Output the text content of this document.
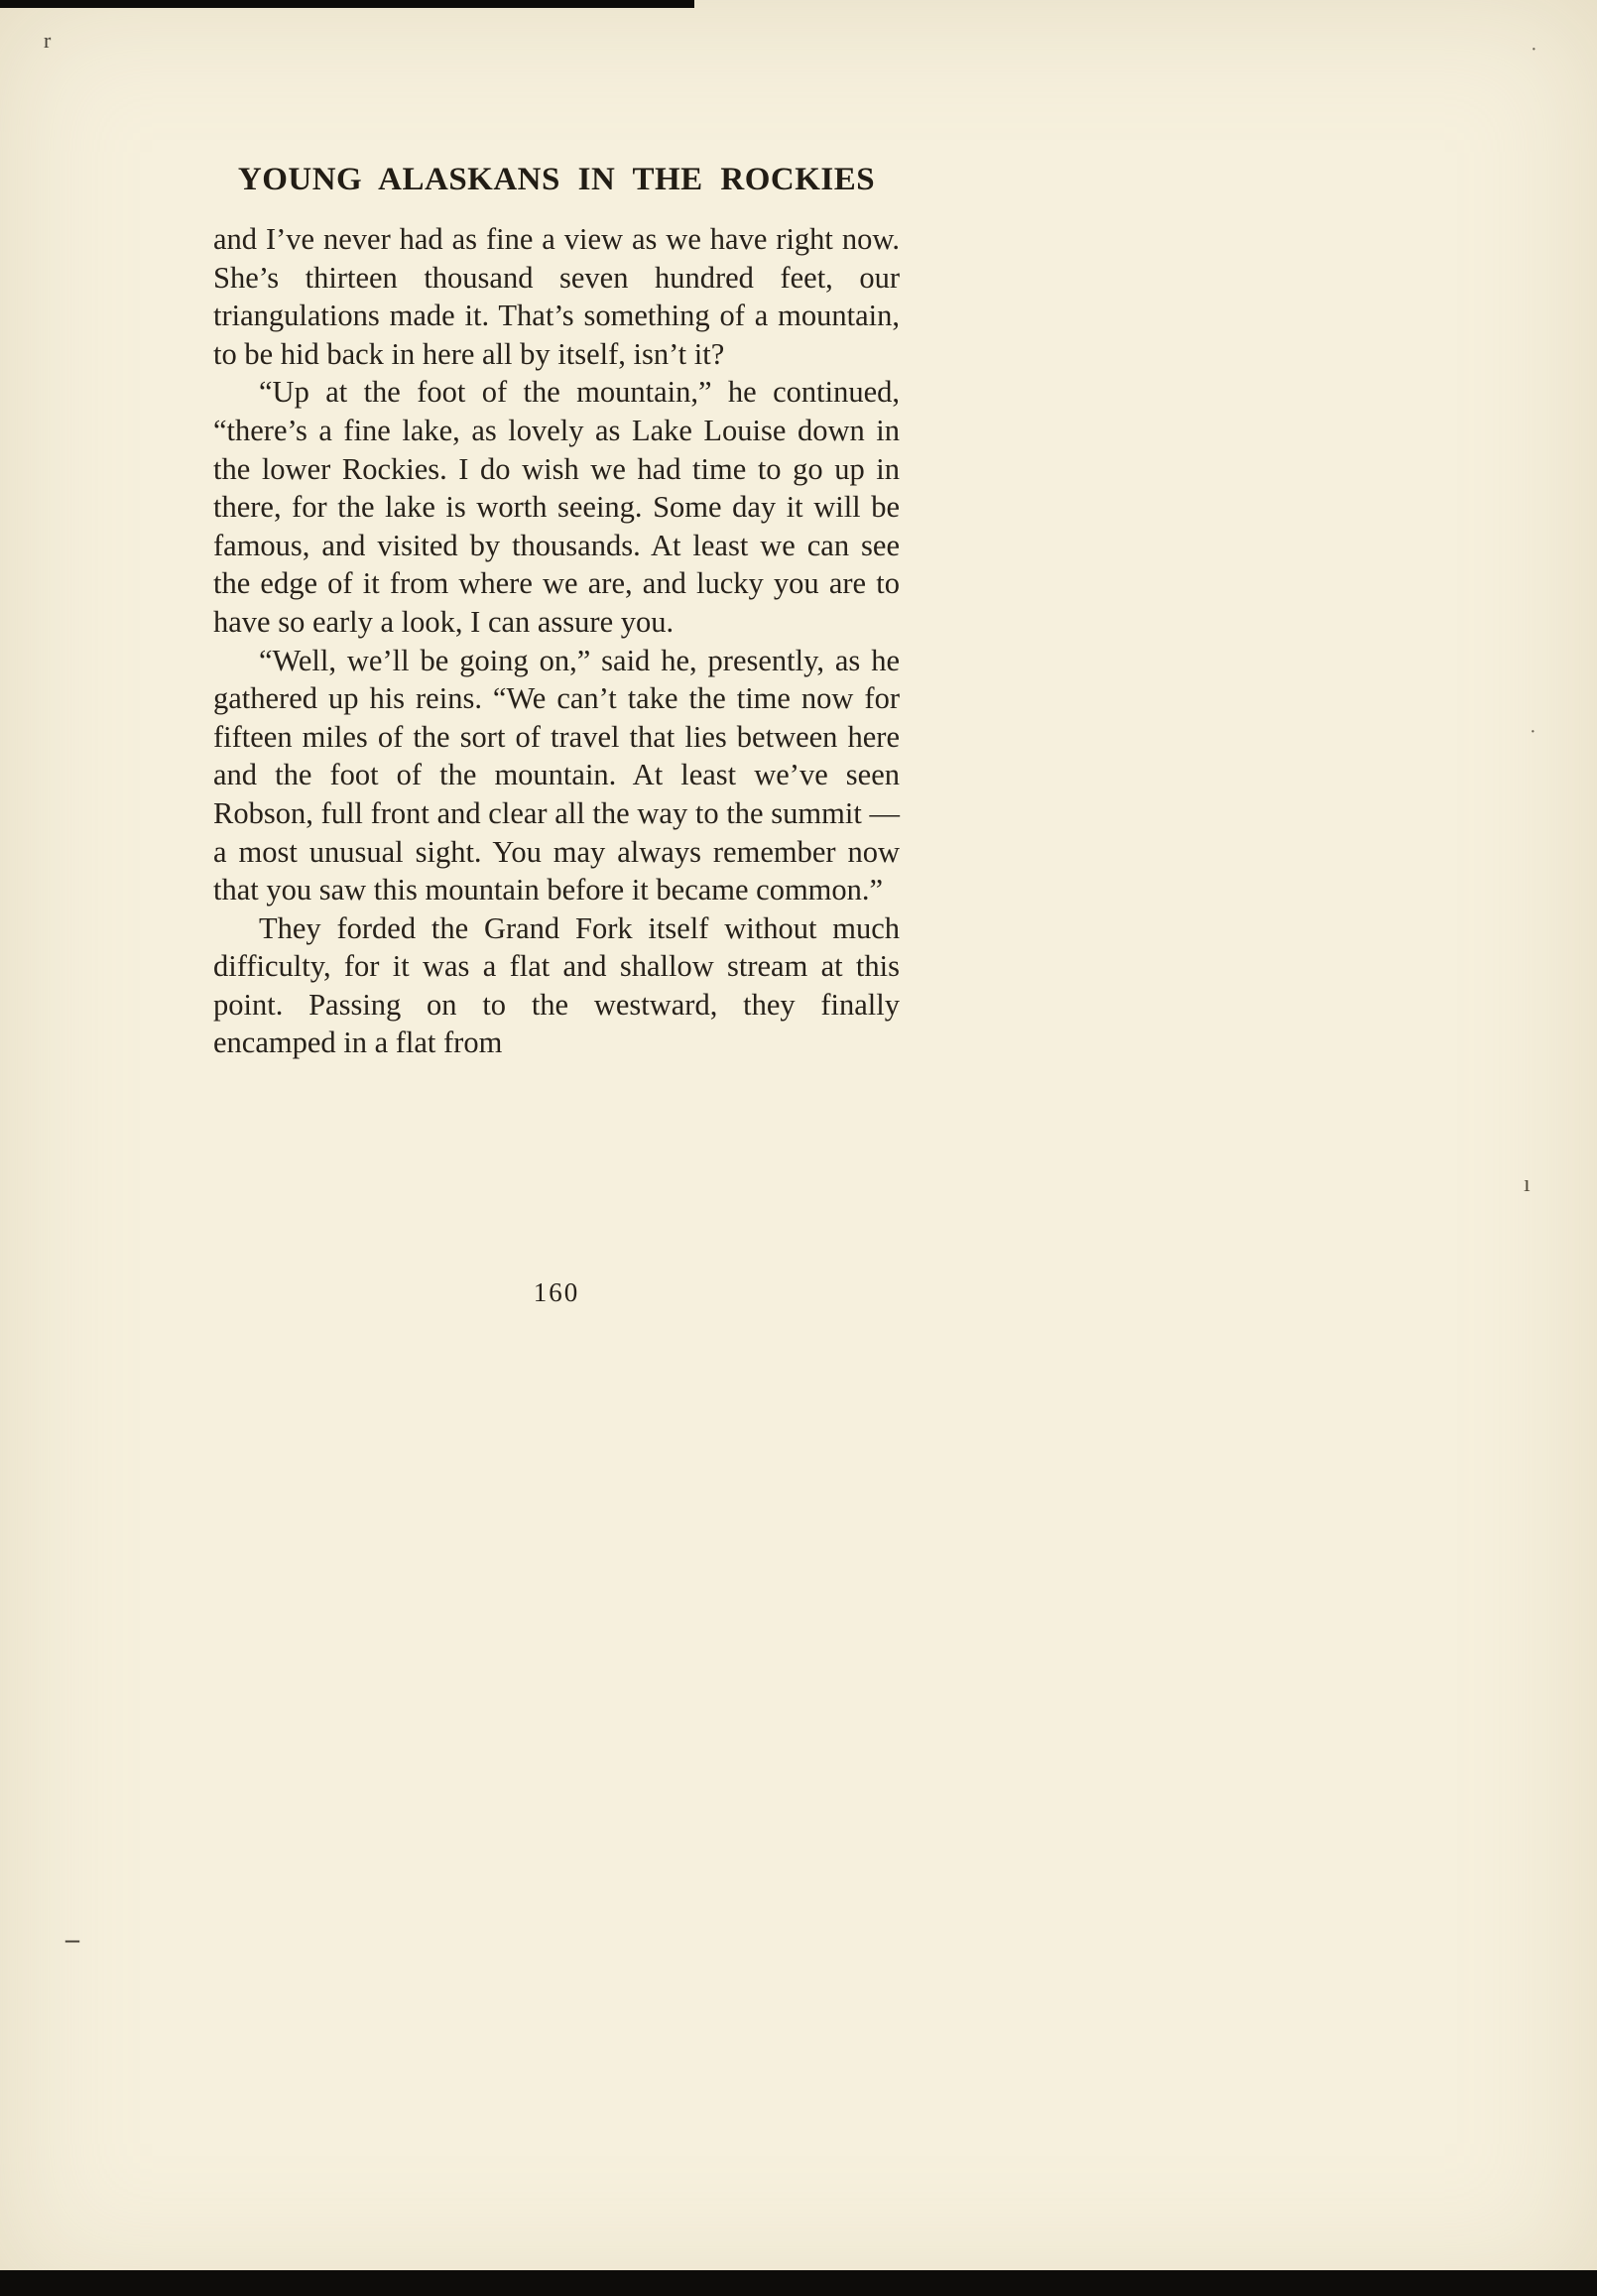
r	·
–
ı
·
YOUNG ALASKANS IN THE ROCKIES

and I’ve never had as fine a view as we have right now. She’s thirteen thousand seven hundred feet, our triangulations made it. That’s something of a mountain, to be hid back in here all by itself, isn’t it?

“Up at the foot of the mountain,” he continued, “there’s a fine lake, as lovely as Lake Louise down in the lower Rockies. I do wish we had time to go up in there, for the lake is worth seeing. Some day it will be famous, and visited by thousands. At least we can see the edge of it from where we are, and lucky you are to have so early a look, I can assure you.

“Well, we’ll be going on,” said he, presently, as he gathered up his reins. “We can’t take the time now for fifteen miles of the sort of travel that lies between here and the foot of the mountain. At least we’ve seen Robson, full front and clear all the way to the summit —a most unusual sight. You may always remember now that you saw this mountain before it became common.”

They forded the Grand Fork itself without much difficulty, for it was a flat and shallow stream at this point. Passing on to the westward, they finally encamped in a flat from

160
